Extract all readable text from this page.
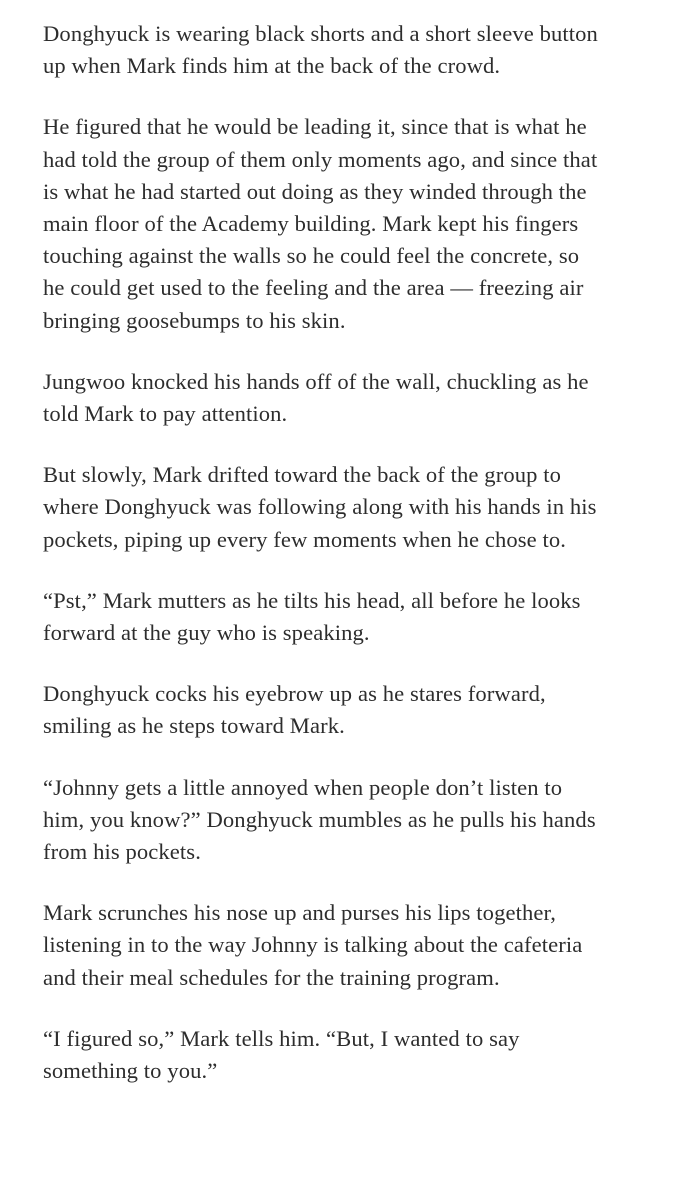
Donghyuck is wearing black shorts and a short sleeve button
up when Mark finds him at the back of the crowd.

He figured that he would be leading it, since that is what he
had told the group of them only moments ago, and since that
is what he had started out doing as they winded through the
main floor of the Academy building. Mark kept his fingers
touching against the walls so he could feel the concrete, so
he could get used to the feeling and the area — freezing air
bringing goosebumps to his skin.

Jungwoo knocked his hands off of the wall, chuckling as he
told Mark to pay attention.

But slowly, Mark drifted toward the back of the group to
where Donghyuck was following along with his hands in his
pockets, piping up every few moments when he chose to.

“Pst,” Mark mutters as he tilts his head, all before he looks
forward at the guy who is speaking.

Donghyuck cocks his eyebrow up as he stares forward,
smiling as he steps toward Mark.

“Johnny gets a little annoyed when people don’t listen to
him, you know?” Donghyuck mumbles as he pulls his hands
from his pockets.

Mark scrunches his nose up and purses his lips together,
listening in to the way Johnny is talking about the cafeteria
and their meal schedules for the training program.

“I figured so,” Mark tells him. “But, I wanted to say
something to you.”
